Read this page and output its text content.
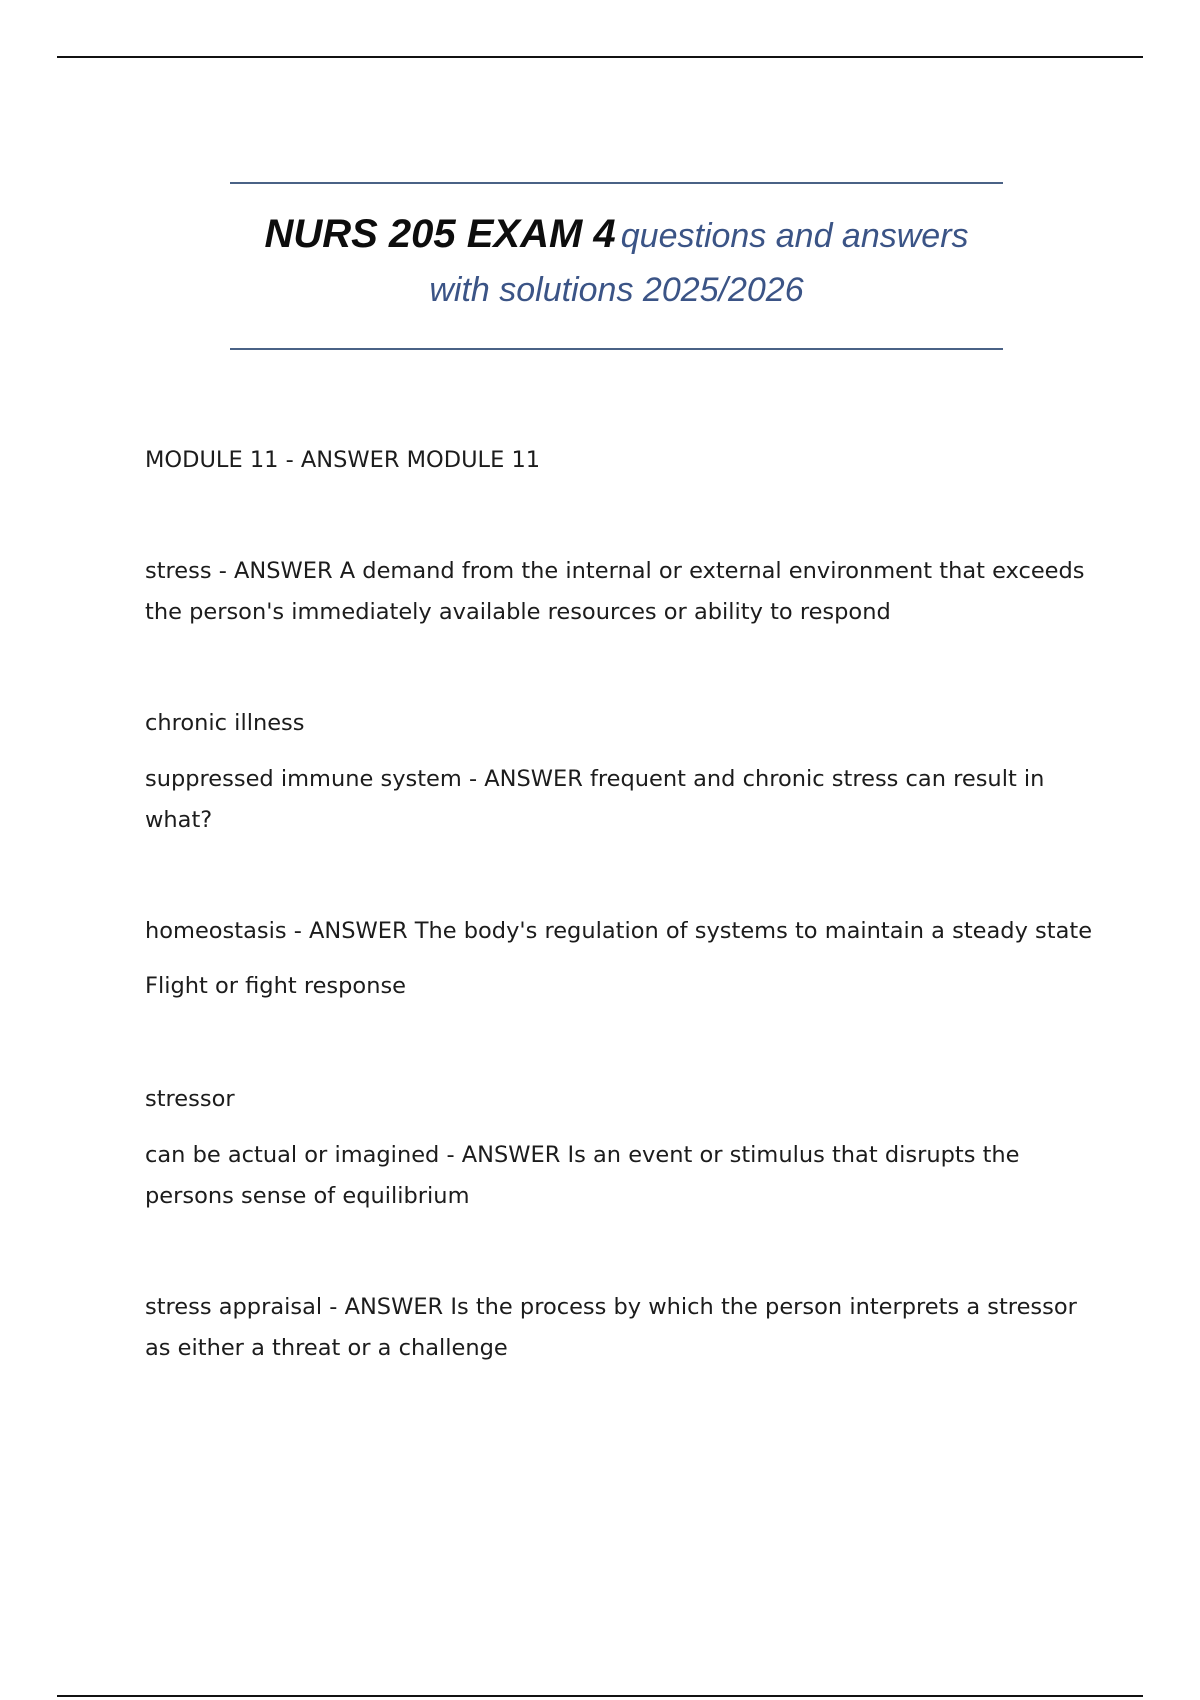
NURS 205 EXAM 4 questions and answers
with solutions 2025/2026

MODULE 11 - ANSWER MODULE 11

stress - ANSWER A demand from the internal or external environment that exceeds the person's immediately available resources or ability to respond

chronic illness

suppressed immune system - ANSWER frequent and chronic stress can result in what?

homeostasis - ANSWER The body's regulation of systems to maintain a steady state

Flight or fight response

stressor

can be actual or imagined - ANSWER Is an event or stimulus that disrupts the persons sense of equilibrium

stress appraisal - ANSWER Is the process by which the person interprets a stressor as either a threat or a challenge
